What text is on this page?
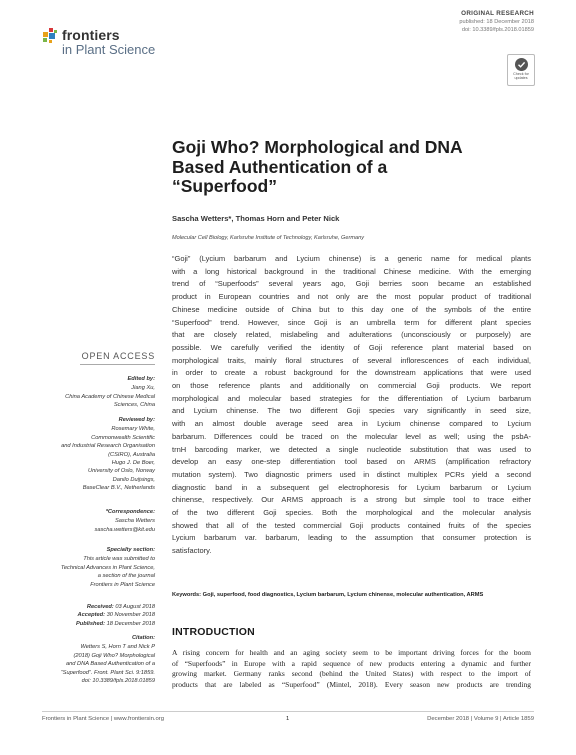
frontiers
in Plant Science
ORIGINAL RESEARCH
published: 18 December 2018
doi: 10.3389/fpls.2018.01859
Check for
updates
Goji Who? Morphological and DNA
Based Authentication of a
“Superfood”
Sascha Wetters*, Thomas Horn and Peter Nick
Molecular Cell Biology, Karlsruhe Institute of Technology, Karlsruhe, Germany

“Goji” (Lycium barbarum and Lycium chinense) is a generic name for medical plants

with a long historical background in the traditional Chinese medicine. With the emerging

trend of “Superfoods” several years ago, Goji berries soon became an established

product in European countries and not only are the most popular product of traditional

Chinese medicine outside of China but to this day one of the symbols of the entire

“Superfood” trend. However, since Goji is an umbrella term for different plant species

that are closely related, mislabeling and adulterations (unconsciously or purposely) are

possible. We carefully verified the identity of Goji reference plant material based on

morphological traits, mainly floral structures of several inflorescences of each individual,

in order to create a robust background for the downstream applications that were used

on those reference plants and additionally on commercial Goji products. We report

morphological and molecular based strategies for the differentiation of Lycium barbarum

and Lycium chinense. The two different Goji species vary significantly in seed size,

with an almost double average seed area in Lycium chinense compared to Lycium

barbarum. Differences could be traced on the molecular level as well; using the psbA-

trnH barcoding marker, we detected a single nucleotide substitution that was used to

develop an easy one-step differentiation tool based on ARMS (amplification refractory

mutation system). Two diagnostic primers used in distinct multiplex PCRs yield a second

diagnostic band in a subsequent gel electrophoresis for Lycium barbarum or Lycium

chinense, respectively. Our ARMS approach is a strong but simple tool to trace either

of the two different Goji species. Both the morphological and the molecular analysis

showed that all of the tested commercial Goji products contained fruits of the species

Lycium barbarum var. barbarum, leading to the assumption that consumer protection is

satisfactory.

Keywords: Goji, superfood, food diagnostics, Lycium barbarum, Lycium chinense, molecular authentication, ARMS
INTRODUCTION

A rising concern for health and an aging society seem to be important driving forces for the boom

of “Superfoods” in Europe with a rapid sequence of new products entering a dynamic and further

growing market. Germany ranks second (behind the United States) with respect to the import of

products that are labeled as “Superfood” (Mintel, 2018). Every season new products are trending

OPEN ACCESS
Edited by:
Jiang Xu,
China Academy of Chinese Medical
Sciences, China
Reviewed by:
Rosemary White,
Commonwealth Scientific
and Industrial Research Organisation
(CSIRO), Australia
Hugo J. De Boer,
University of Oslo, Norway
Danilo Duijsings,
BaseClear B.V., Netherlands
*Correspondence:
Sascha Wetters
sascha.wetters@kit.edu
Specialty section:
This article was submitted to
Technical Advances in Plant Science,
a section of the journal
Frontiers in Plant Science
Received: 03 August 2018
Accepted: 30 November 2018
Published: 18 December 2018
Citation:
Wetters S, Horn T and Nick P
(2018) Goji Who? Morphological
and DNA Based Authentication of a
“Superfood”. Front. Plant Sci. 9:1859.
doi: 10.3389/fpls.2018.01859
Frontiers in Plant Science | www.frontiersin.org	1	December 2018 | Volume 9 | Article 1859
